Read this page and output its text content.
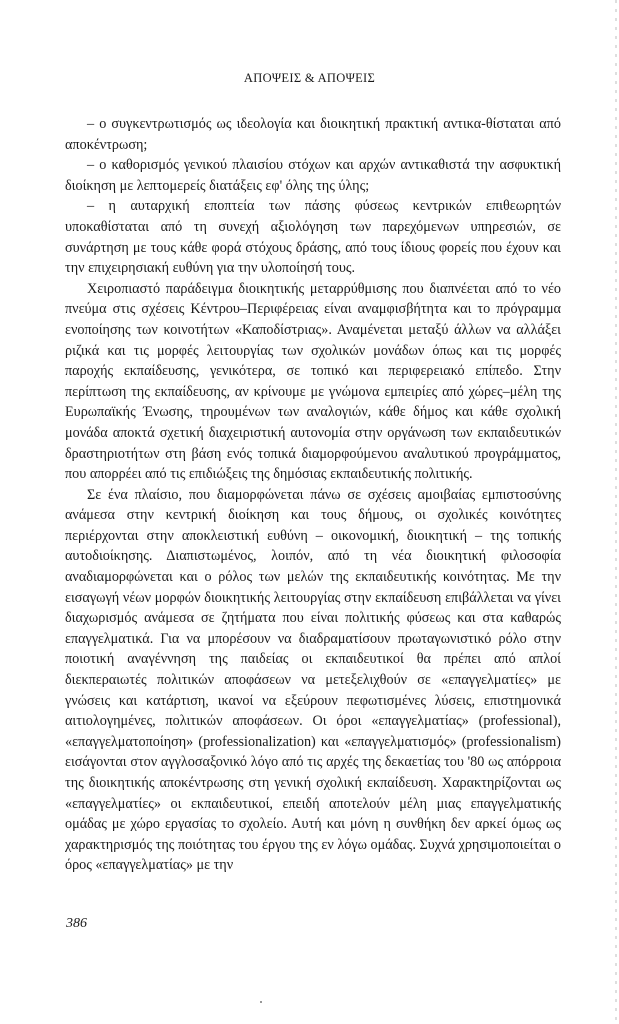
ΑΠΟΨΕΙΣ & ΑΠΟΨΕΙΣ

– ο συγκεντρωτισμός ως ιδεολογία και διοικητική πρακτική αντικα-θίσταται από αποκέντρωση;

– ο καθορισμός γενικού πλαισίου στόχων και αρχών αντικαθιστά την ασφυκτική διοίκηση με λεπτομερείς διατάξεις εφ' όλης της ύλης;

– η αυταρχική εποπτεία των πάσης φύσεως κεντρικών επιθεωρητών υποκαθίσταται από τη συνεχή αξιολόγηση των παρεχόμενων υπηρεσιών, σε συνάρτηση με τους κάθε φορά στόχους δράσης, από τους ίδιους φορείς που έχουν και την επιχειρησιακή ευθύνη για την υλοποίησή τους.

Χειροπιαστό παράδειγμα διοικητικής μεταρρύθμισης που διαπνέεται από το νέο πνεύμα στις σχέσεις Κέντρου–Περιφέρειας είναι αναμφισβήτητα και το πρόγραμμα ενοποίησης των κοινοτήτων «Καποδίστριας». Αναμένεται μεταξύ άλλων να αλλάξει ριζικά και τις μορφές λειτουργίας των σχολικών μονάδων όπως και τις μορφές παροχής εκπαίδευσης, γενικότερα, σε τοπικό και περιφερειακό επίπεδο. Στην περίπτωση της εκπαίδευσης, αν κρίνουμε με γνώμονα εμπειρίες από χώρες–μέλη της Ευρωπαϊκής Ένωσης, τηρουμένων των αναλογιών, κάθε δήμος και κάθε σχολική μονάδα αποκτά σχετική διαχειριστική αυτονομία στην οργάνωση των εκπαιδευτικών δραστηριοτήτων στη βάση ενός τοπικά διαμορφούμενου αναλυτικού προγράμματος, που απορρέει από τις επιδιώξεις της δημόσιας εκπαιδευτικής πολιτικής.

Σε ένα πλαίσιο, που διαμορφώνεται πάνω σε σχέσεις αμοιβαίας εμπιστοσύνης ανάμεσα στην κεντρική διοίκηση και τους δήμους, οι σχολικές κοινότητες περιέρχονται στην αποκλειστική ευθύνη – οικονομική, διοικητική – της τοπικής αυτοδιοίκησης. Διαπιστωμένος, λοιπόν, από τη νέα διοικητική φιλοσοφία αναδιαμορφώνεται και ο ρόλος των μελών της εκπαιδευτικής κοινότητας. Με την εισαγωγή νέων μορφών διοικητικής λειτουργίας στην εκπαίδευση επιβάλλεται να γίνει διαχωρισμός ανάμεσα σε ζητήματα που είναι πολιτικής φύσεως και στα καθαρώς επαγγελματικά. Για να μπορέσουν να διαδραματίσουν πρωταγωνιστικό ρόλο στην ποιοτική αναγέννηση της παιδείας οι εκπαιδευτικοί θα πρέπει από απλοί διεκπεραιωτές πολιτικών αποφάσεων να μετεξελιχθούν σε «επαγγελματίες» με γνώσεις και κατάρτιση, ικανοί να εξεύρουν πεφωτισμένες λύσεις, επιστημονικά αιτιολογημένες, πολιτικών αποφάσεων. Οι όροι «επαγγελματίας» (professional), «επαγγελματοποίηση» (professionalization) και «επαγγελματισμός» (professionalism) εισάγονται στον αγγλοσαξονικό λόγο από τις αρχές της δεκαετίας του '80 ως απόρροια της διοικητικής αποκέντρωσης στη γενική σχολική εκπαίδευση. Χαρακτηρίζονται ως «επαγγελματίες» οι εκπαιδευτικοί, επειδή αποτελούν μέλη μιας επαγγελματικής ομάδας με χώρο εργασίας το σχολείο. Αυτή και μόνη η συνθήκη δεν αρκεί όμως ως χαρακτηρισμός της ποιότητας του έργου της εν λόγω ομάδας. Συχνά χρησιμοποιείται ο όρος «επαγγελματίας» με την

386
